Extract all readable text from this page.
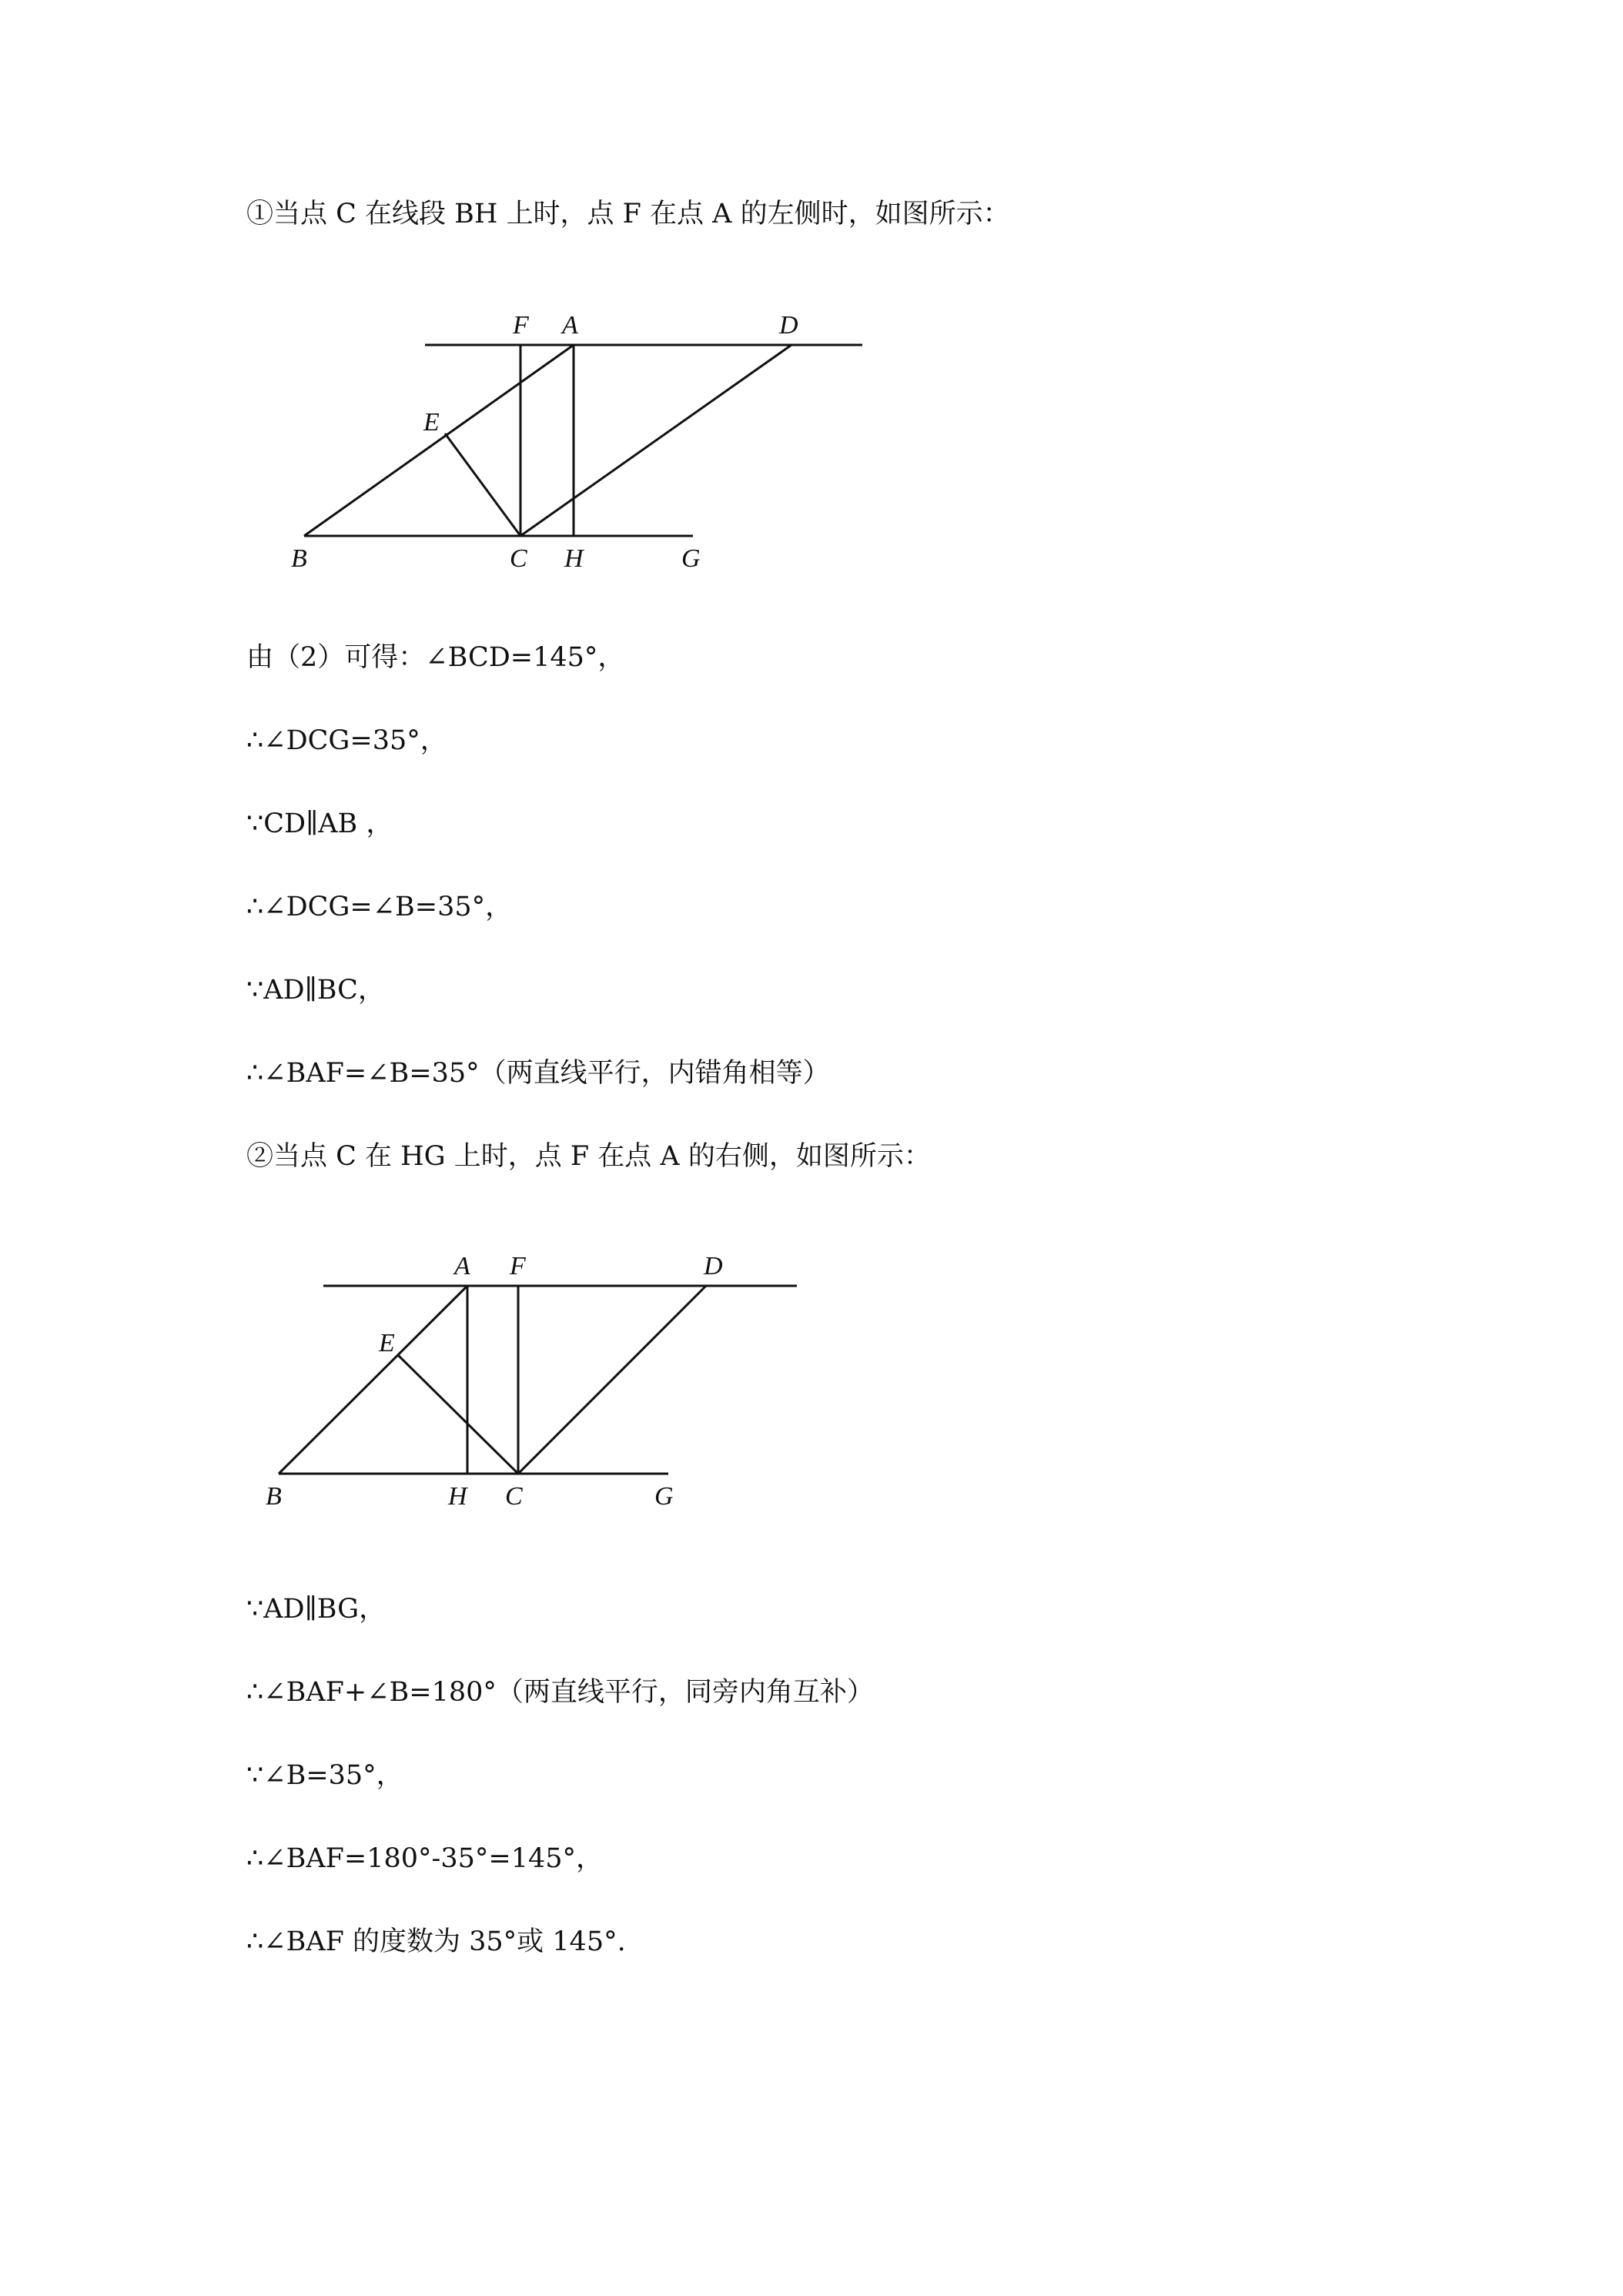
①当点 C 在线段 BH 上时，点 F 在点 A 的左侧时，如图所示：
F A	D
E
B	C H	G
由（2）可得：∠BCD=145°，
∴∠DCG=35°，
∵CD∥AB ，
∴∠DCG=∠B=35°，
∵AD∥BC，
∴∠BAF=∠B=35°（两直线平行，内错角相等）
②当点 C 在 HG 上时，点 F 在点 A 的右侧，如图所示：
A F	D
E
B	H C	G
∵AD∥BG，
∴∠BAF+∠B=180°（两直线平行，同旁内角互补）
∵∠B=35°，
∴∠BAF=180°-35°=145°，
∴∠BAF 的度数为 35°或 145°.
